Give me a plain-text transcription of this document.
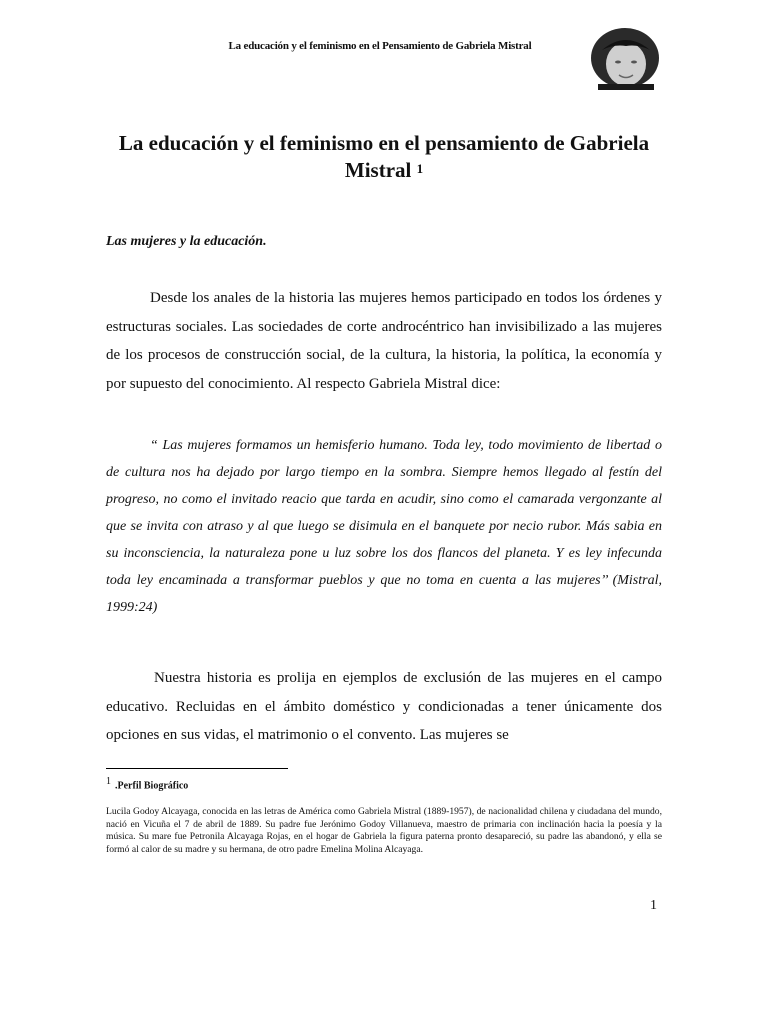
La educación y el feminismo en el Pensamiento de Gabriela Mistral
La educación y el feminismo en el pensamiento de Gabriela Mistral $^1$
Las mujeres y la educación.

Desde los anales de la historia las mujeres hemos participado en todos los órdenes y estructuras sociales. Las sociedades de corte androcéntrico han invisibilizado a las mujeres de los procesos de construcción social, de la cultura, la historia, la política, la economía y por supuesto del conocimiento. Al respecto Gabriela Mistral dice:

“ Las mujeres formamos un hemisferio humano. Toda ley, todo movimiento de libertad o de cultura nos ha dejado por largo tiempo en la sombra. Siempre hemos llegado al festín del progreso, no como el invitado reacio que tarda en acudir, sino como el camarada vergonzante al que se invita con atraso y al que luego se disimula en el banquete por necio rubor. Más sabia en su inconsciencia, la naturaleza pone u luz sobre los dos flancos del planeta. Y es ley infecunda toda ley encaminada a transformar pueblos y que no toma en cuenta a las mujeres’’ (Mistral, 1999:24)

Nuestra historia es prolija en ejemplos de exclusión de las mujeres en el campo educativo. Recluidas en el ámbito doméstico y condicionadas a tener únicamente dos opciones en sus vidas, el matrimonio o el convento. Las mujeres se

$^1$ .Perfil Biográfico

Lucila Godoy Alcayaga, conocida en las letras de América como Gabriela Mistral (1889-1957), de nacionalidad chilena y ciudadana del mundo, nació en Vicuña el 7 de abril de 1889. Su padre fue Jerónimo Godoy Villanueva, maestro de primaria con inclinación hacia la poesía y la música. Su mare fue Petronila Alcayaga Rojas, en el hogar de Gabriela la figura paterna pronto desapareció, su padre las abandonó, y ella se formó al calor de su madre y su hermana, de otro padre Emelina Molina Alcayaga.

1
